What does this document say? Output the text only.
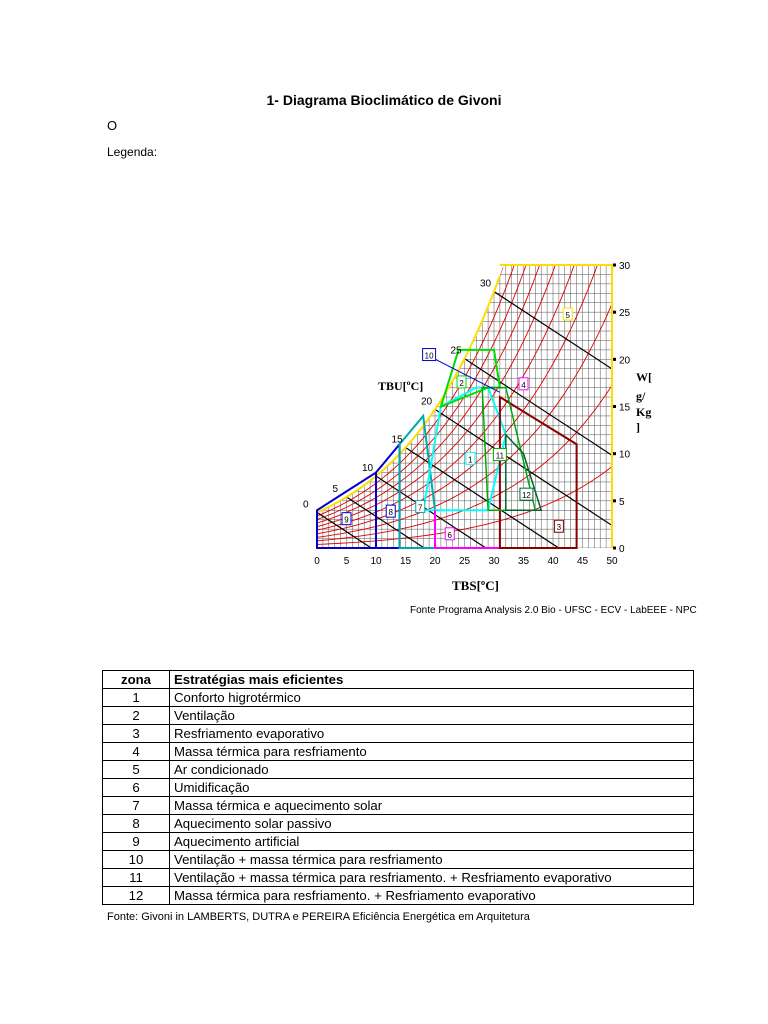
1- Diagrama Bioclimático de Givoni
O
Legenda:
0
5
10
15
20
25
30
0 5 10 15 20 25 30 35 40 45 50
0
5
10
15
20
25
30
1
2
3
4
5
6
7
8
9
10
11
12
TBU[ºC]
W[
g/
Kg
]
TBS[ºC]
Fonte Programa Analysis 2.0 Bio - UFSC - ECV - LabEEE - NPC
zona	Estratégias mais eficientes
1	Conforto higrotérmico
2	Ventilação
3	Resfriamento evaporativo
4	Massa térmica para resfriamento
5	Ar condicionado
6	Umidificação
7	Massa térmica e aquecimento solar
8	Aquecimento solar passivo
9	Aquecimento artificial
10	Ventilação + massa térmica para resfriamento
11	Ventilação + massa térmica para resfriamento. + Resfriamento evaporativo
12	Massa térmica para resfriamento. + Resfriamento evaporativo
Fonte: Givoni in LAMBERTS, DUTRA e PEREIRA Eficiência Energética em Arquitetura
